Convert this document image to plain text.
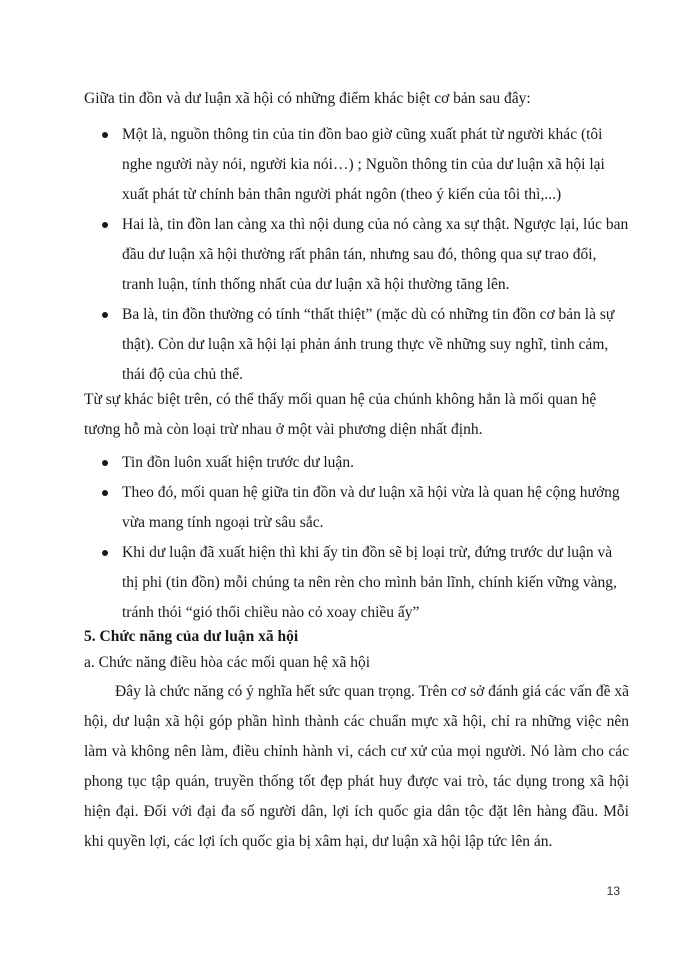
Giữa tin đồn và dư luận xã hội có những điểm khác biệt cơ bản sau đây:

Một là, nguồn thông tin của tin đồn bao giờ cũng xuất phát từ người khác (tôi nghe người này nói, người kia nói…) ; Nguồn thông tin của dư luận xã hội lại xuất phát từ chính bản thân người phát ngôn (theo ý kiến của tôi thì,...)
Hai là, tin đồn lan càng xa thì nội dung của nó càng xa sự thật. Ngược lại, lúc ban đầu dư luận xã hội thường rất phân tán, nhưng sau đó, thông qua sự trao đổi, tranh luận, tính thống nhất của dư luận xã hội thường tăng lên.
Ba là, tin đồn thường có tính “thất thiệt” (mặc dù có những tin đồn cơ bản là sự thật). Còn dư luận xã hội lại phản ánh trung thực về những suy nghĩ, tình cảm, thái độ của chủ thể.

Từ sự khác biệt trên, có thể thấy mối quan hệ của chúnh không hẳn là mối quan hệ tương hỗ mà còn loại trừ nhau ở một vài phương diện nhất định.

Tin đồn luôn xuất hiện trước dư luận.
Theo đó, mối quan hệ giữa tin đồn và dư luận xã hội vừa là quan hệ cộng hưởng vừa mang tính ngoại trừ sâu sắc.
Khi dư luận đã xuất hiện thì khi ấy tin đồn sẽ bị loại trừ, đứng trước dư luận và thị phi (tin đồn) mỗi chúng ta nên rèn cho mình bản lĩnh, chính kiến vững vàng, tránh thói “gió thổi chiều nào cỏ xoay chiều ấy”

5. Chức năng của dư luận xã hội

a. Chức năng điều hòa các mối quan hệ xã hội

Đây là chức năng có ý nghĩa hết sức quan trọng. Trên cơ sở đánh giá các vấn đề xã hội, dư luận xã hội góp phần hình thành các chuẩn mực xã hội, chỉ ra những việc nên làm và không nên làm, điều chỉnh hành vi, cách cư xử của mọi người. Nó làm cho các phong tục tập quán, truyền thống tốt đẹp phát huy được vai trò, tác dụng trong xã hội hiện đại. Đối với đại đa số người dân, lợi ích quốc gia dân tộc đặt lên hàng đầu. Mỗi khi quyền lợi, các lợi ích quốc gia bị xâm hại, dư luận xã hội lập tức lên án.

13
